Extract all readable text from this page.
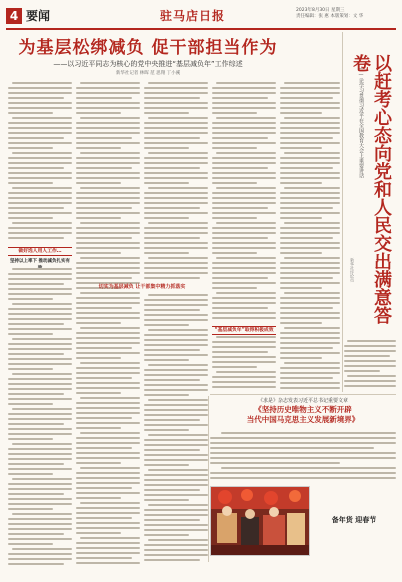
4 要闻	驻马店日报	2023年8月30日 星期三
责任编辑：张 惠 本版策划：文 华
为基层松绑减负 促干部担当作为
——以习近平同志为核心的党中央推进“基层减负年”工作综述
新华社记者 林晖 范 思翔 丁小溪
做好选人用人工作…
坚持以上率下 推动减负扎实有
切实为基层减负 让干部集中精力抓落实
“基层减负年”取得积极成效
以赶考心态向党和人民交出满意答卷
——论学习贯彻习近平在全国教育大会上重要讲话
新华社评论员
《求是》杂志发表习近平总书记重要文章
《坚持历史唯物主义不断开辟
当代中国马克思主义发展新境界》
备年货 迎春节
